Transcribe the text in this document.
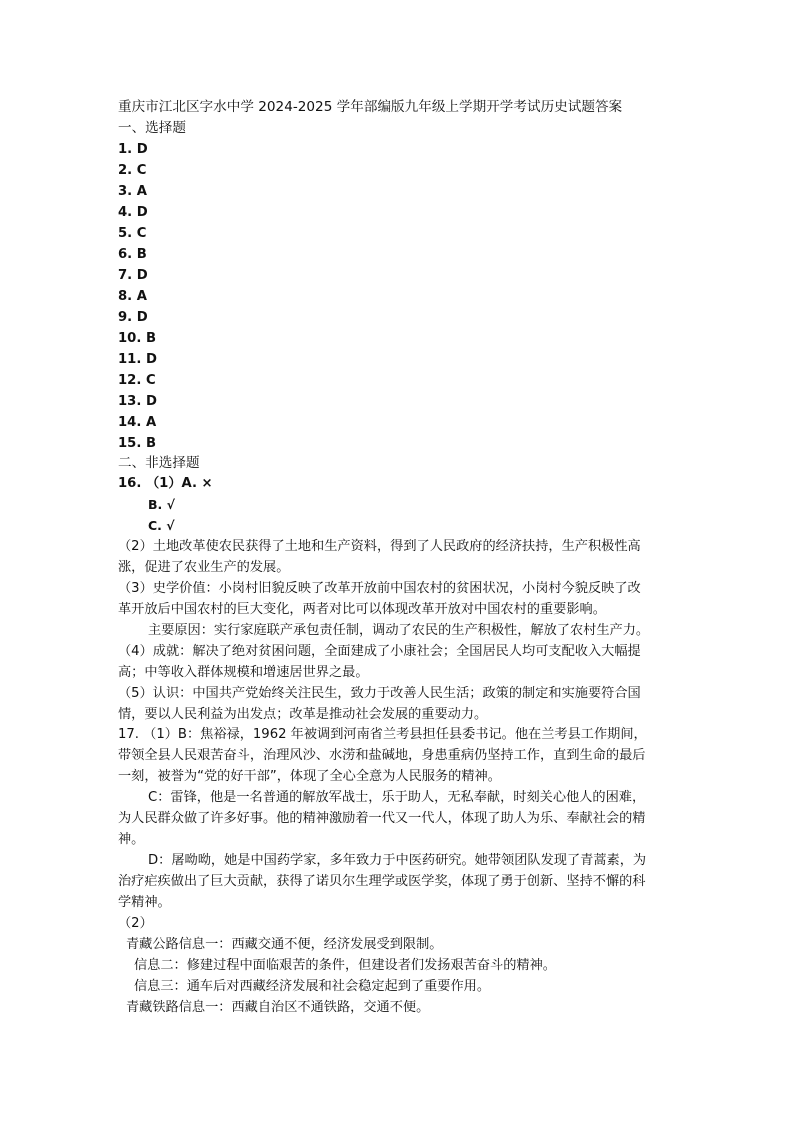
重庆市江北区字水中学 2024-2025 学年部编版九年级上学期开学考试历史试题答案
一、选择题
1. D
2. C
3. A
4. D
5. C
6. B
7. D
8. A
9. D
10. B
11. D
12. C
13. D
14. A
15. B
二、非选择题
16. （1）A. ×
B. √
C. √
（2）土地改革使农民获得了土地和生产资料，得到了人民政府的经济扶持，生产积极性高
涨，促进了农业生产的发展。
（3）史学价值：小岗村旧貌反映了改革开放前中国农村的贫困状况，小岗村今貌反映了改
革开放后中国农村的巨大变化，两者对比可以体现改革开放对中国农村的重要影响。
主要原因：实行家庭联产承包责任制，调动了农民的生产积极性，解放了农村生产力。
（4）成就：解决了绝对贫困问题，全面建成了小康社会；全国居民人均可支配收入大幅提
高；中等收入群体规模和增速居世界之最。
（5）认识：中国共产党始终关注民生，致力于改善人民生活；政策的制定和实施要符合国
情，要以人民利益为出发点；改革是推动社会发展的重要动力。
17. （1）B：焦裕禄，1962 年被调到河南省兰考县担任县委书记。他在兰考县工作期间，
带领全县人民艰苦奋斗，治理风沙、水涝和盐碱地，身患重病仍坚持工作，直到生命的最后
一刻，被誉为“党的好干部”，体现了全心全意为人民服务的精神。
C：雷锋，他是一名普通的解放军战士，乐于助人，无私奉献，时刻关心他人的困难，
为人民群众做了许多好事。他的精神激励着一代又一代人，体现了助人为乐、奉献社会的精
神。
D：屠呦呦，她是中国药学家，多年致力于中医药研究。她带领团队发现了青蒿素，为
治疗疟疾做出了巨大贡献，获得了诺贝尔生理学或医学奖，体现了勇于创新、坚持不懈的科
学精神。
（2）
青藏公路信息一：西藏交通不便，经济发展受到限制。
信息二：修建过程中面临艰苦的条件，但建设者们发扬艰苦奋斗的精神。
信息三：通车后对西藏经济发展和社会稳定起到了重要作用。
青藏铁路信息一：西藏自治区不通铁路，交通不便。
